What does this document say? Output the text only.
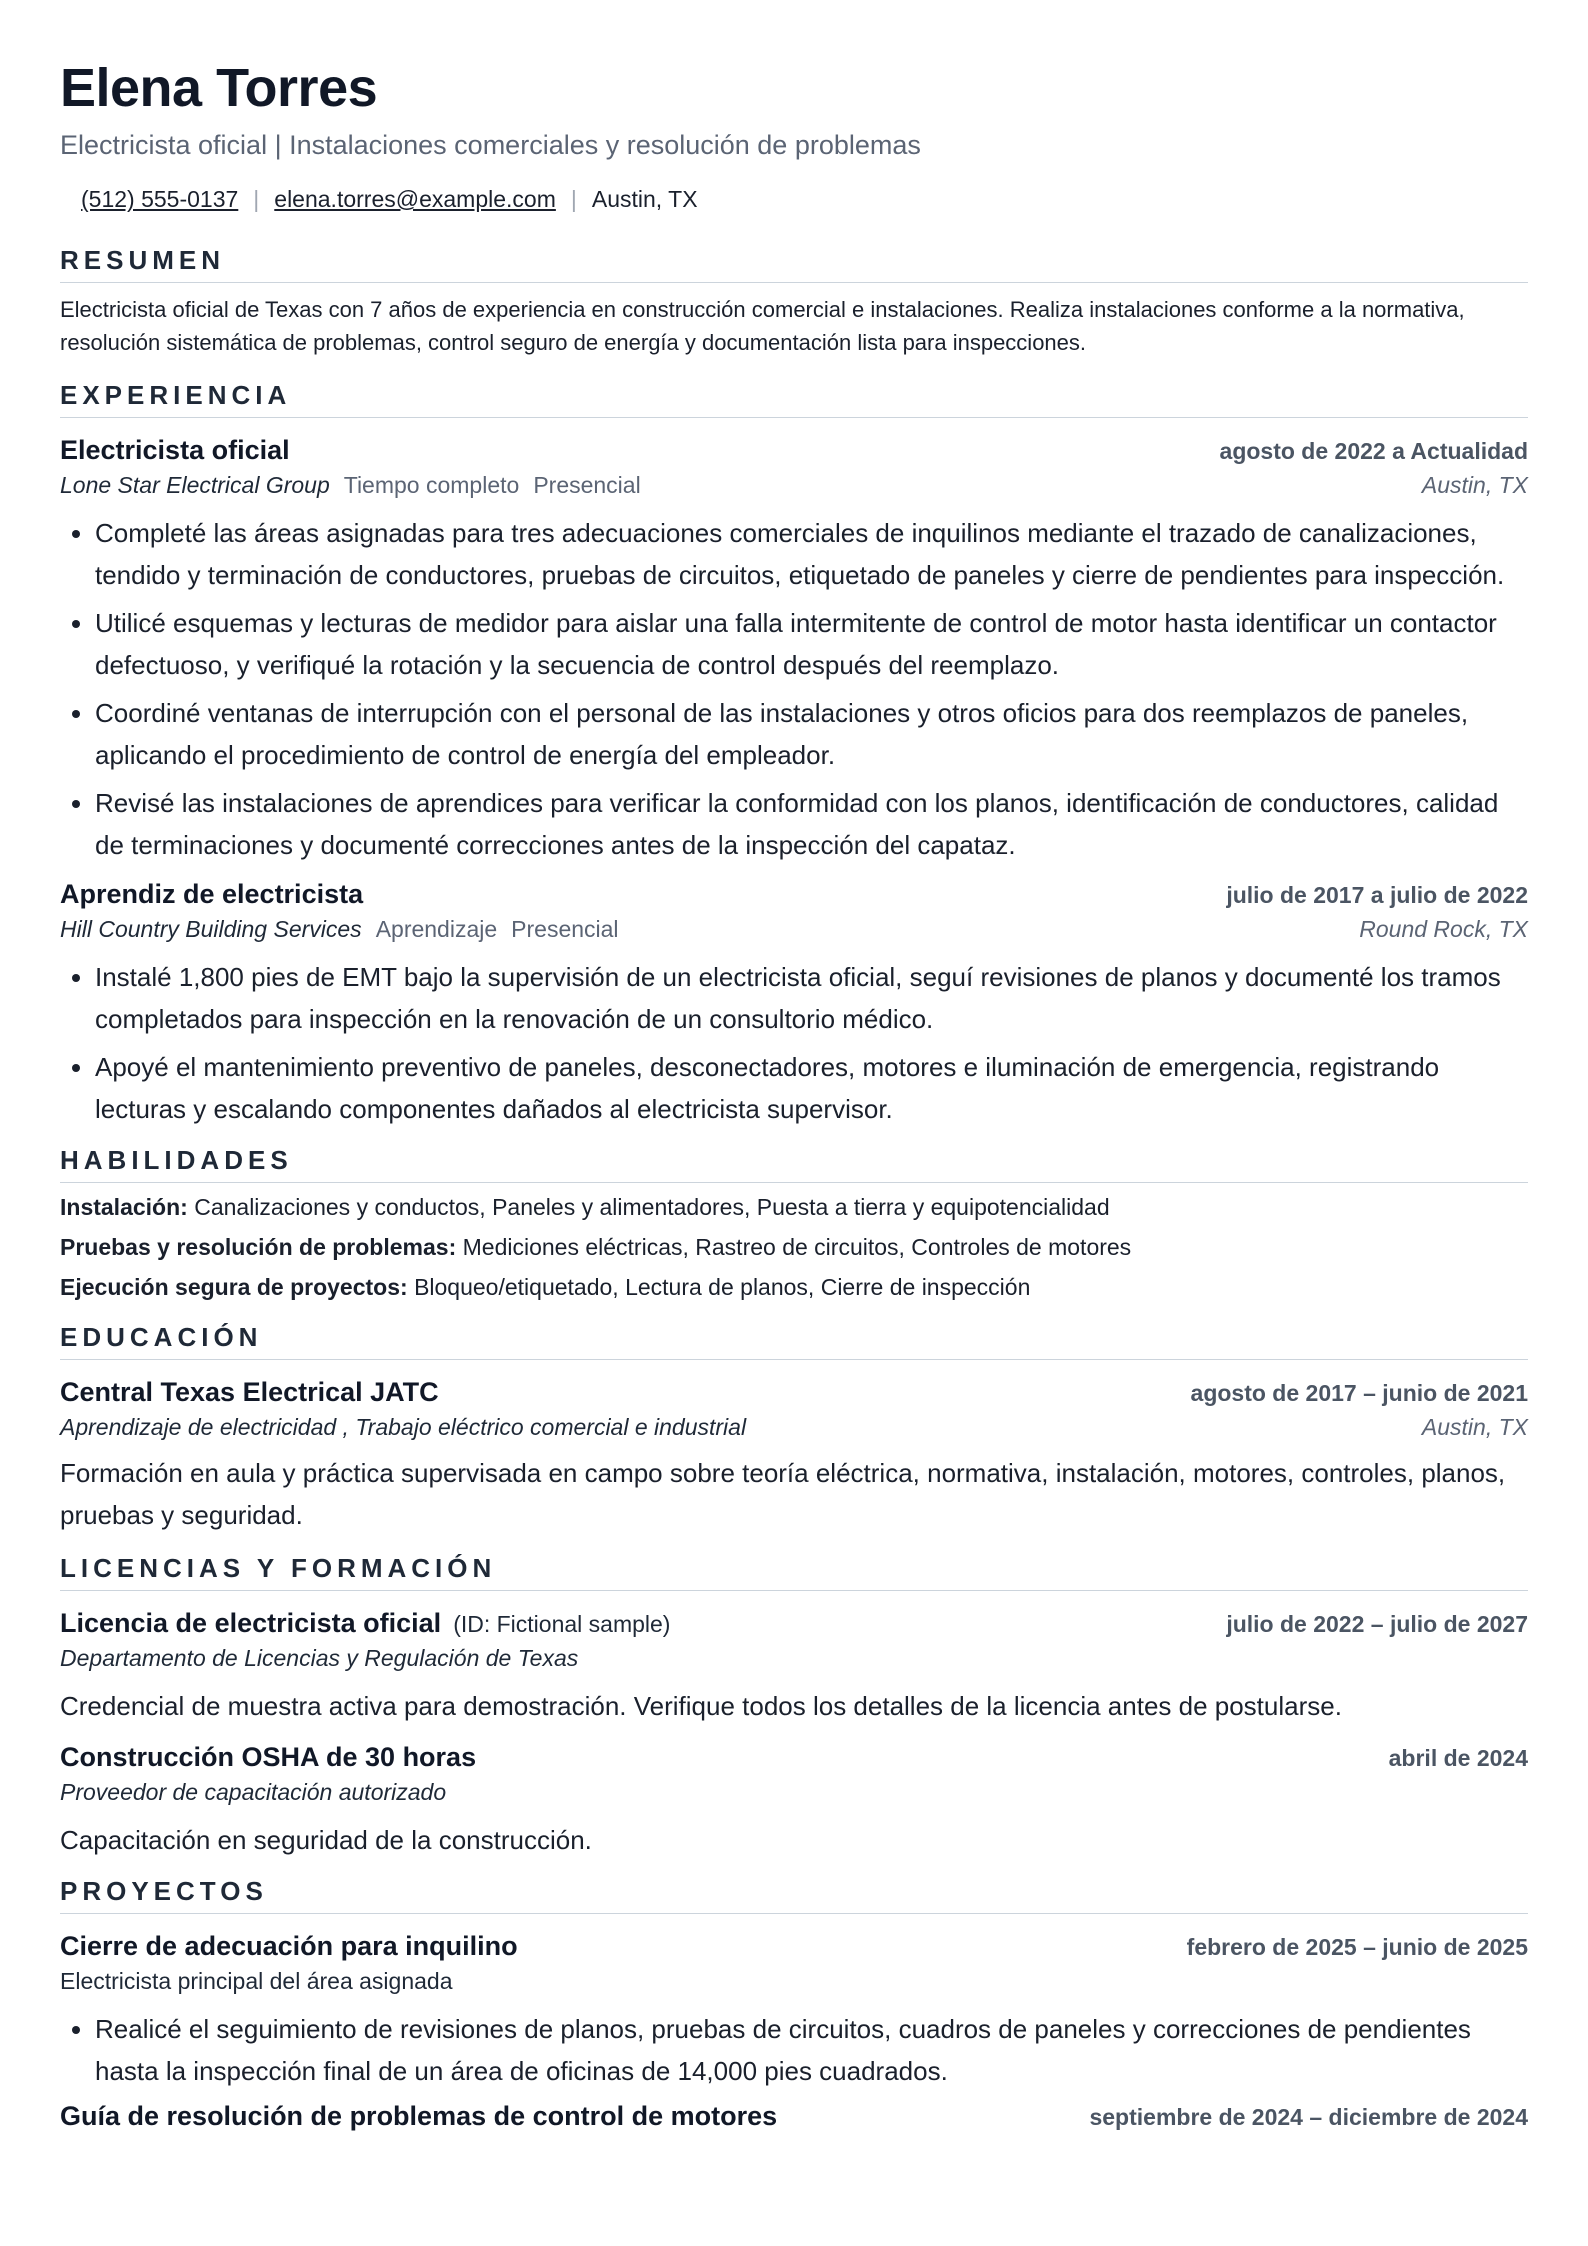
Elena Torres
Electricista oficial | Instalaciones comerciales y resolución de problemas
(512) 555-0137 | elena.torres@example.com | Austin, TX
RESUMEN
Electricista oficial de Texas con 7 años de experiencia en construcción comercial e instalaciones. Realiza instalaciones conforme a la normativa, resolución sistemática de problemas, control seguro de energía y documentación lista para inspecciones.
EXPERIENCIA
Electricista oficial	agosto de 2022 a Actualidad
Lone Star Electrical Group Tiempo completo Presencial	Austin, TX
• Completé las áreas asignadas para tres adecuaciones comerciales de inquilinos mediante el trazado de canalizaciones, tendido y terminación de conductores, pruebas de circuitos, etiquetado de paneles y cierre de pendientes para inspección.
• Utilicé esquemas y lecturas de medidor para aislar una falla intermitente de control de motor hasta identificar un contactor defectuoso, y verifiqué la rotación y la secuencia de control después del reemplazo.
• Coordiné ventanas de interrupción con el personal de las instalaciones y otros oficios para dos reemplazos de paneles, aplicando el procedimiento de control de energía del empleador.
• Revisé las instalaciones de aprendices para verificar la conformidad con los planos, identificación de conductores, calidad de terminaciones y documenté correcciones antes de la inspección del capataz.
Aprendiz de electricista	julio de 2017 a julio de 2022
Hill Country Building Services Aprendizaje Presencial	Round Rock, TX
• Instalé 1,800 pies de EMT bajo la supervisión de un electricista oficial, seguí revisiones de planos y documenté los tramos completados para inspección en la renovación de un consultorio médico.
• Apoyé el mantenimiento preventivo de paneles, desconectadores, motores e iluminación de emergencia, registrando lecturas y escalando componentes dañados al electricista supervisor.
HABILIDADES
Instalación: Canalizaciones y conductos, Paneles y alimentadores, Puesta a tierra y equipotencialidad
Pruebas y resolución de problemas: Mediciones eléctricas, Rastreo de circuitos, Controles de motores
Ejecución segura de proyectos: Bloqueo/etiquetado, Lectura de planos, Cierre de inspección
EDUCACIÓN
Central Texas Electrical JATC	agosto de 2017 – junio de 2021
Aprendizaje de electricidad , Trabajo eléctrico comercial e industrial	Austin, TX
Formación en aula y práctica supervisada en campo sobre teoría eléctrica, normativa, instalación, motores, controles, planos, pruebas y seguridad.
LICENCIAS Y FORMACIÓN
Licencia de electricista oficial (ID: Fictional sample)	julio de 2022 – julio de 2027
Departamento de Licencias y Regulación de Texas
Credencial de muestra activa para demostración. Verifique todos los detalles de la licencia antes de postularse.
Construcción OSHA de 30 horas	abril de 2024
Proveedor de capacitación autorizado
Capacitación en seguridad de la construcción.
PROYECTOS
Cierre de adecuación para inquilino	febrero de 2025 – junio de 2025
Electricista principal del área asignada
• Realicé el seguimiento de revisiones de planos, pruebas de circuitos, cuadros de paneles y correcciones de pendientes hasta la inspección final de un área de oficinas de 14,000 pies cuadrados.
Guía de resolución de problemas de control de motores	septiembre de 2024 – diciembre de 2024
